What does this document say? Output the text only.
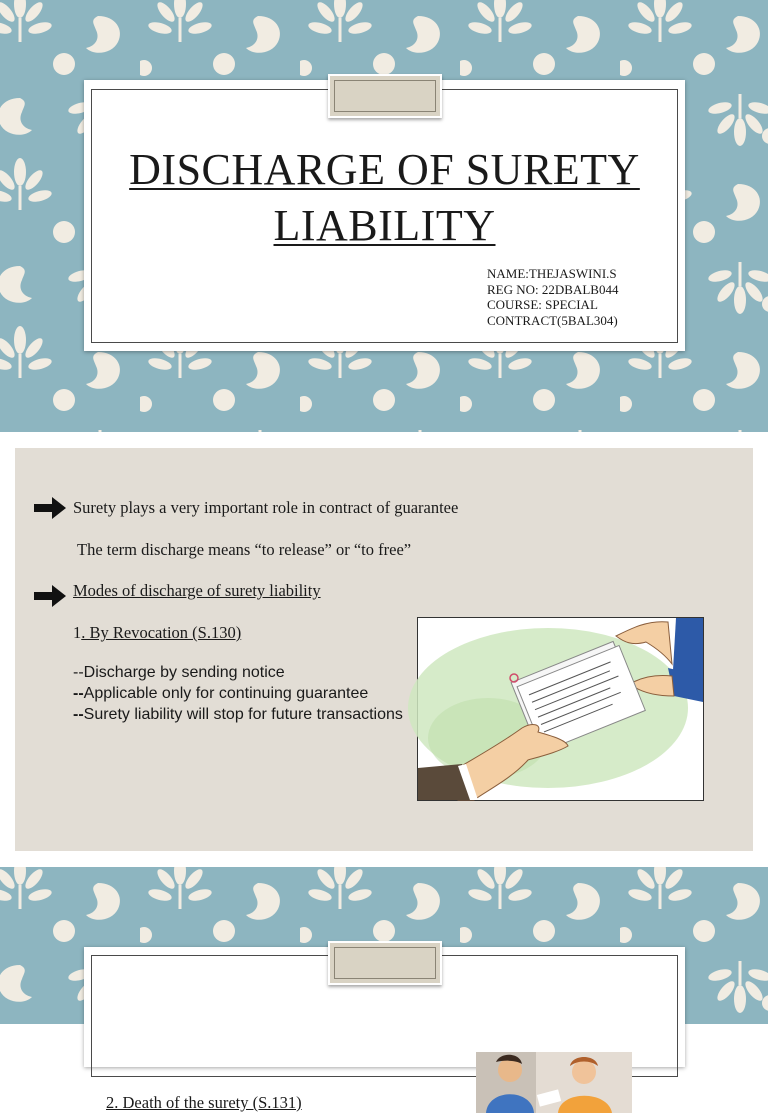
DISCHARGE OF SURETY
LIABILITY
NAME:THEJASWINI.S
REG NO: 22DBALB044
COURSE: SPECIAL
CONTRACT(5BAL304)
Surety plays a very important role in contract of guarantee
The term discharge means “to release” or “to free”
Modes of discharge of surety liability
1. By Revocation (S.130)
--Discharge by sending notice
--Applicable only for continuing guarantee
--Surety liability will stop for future transactions
2. Death of the surety (S.131)
